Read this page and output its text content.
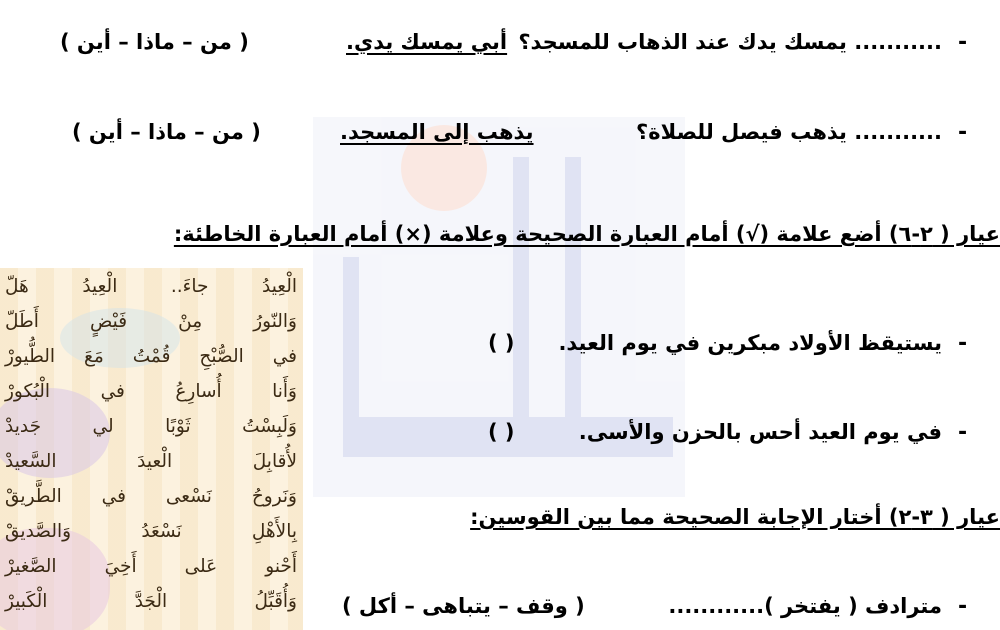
-
........... يمسك يدك عند الذهاب للمسجد؟
أبي يمسك يدي.
( من – ماذا – أين )
-
........... يذهب فيصل للصلاة؟
يذهب إلى المسجد.
( من – ماذا – أين )
عيار ( ٢-٦) أضع علامة (√) أمام العبارة الصحيحة وعلامة (×) أمام العبارة الخاطئة:
-
يستيقظ الأولاد مبكرين في يوم العيد.
( )
-
في يوم العيد أحس بالحزن والأسى.
( )
عيار ( ٣-٢) أختار الإجابة الصحيحة مما بين القوسين:
-
مترادف ( يفتخر )............
( وقف – يتباهى – أكل )
الْعِيدُ جاءَ.. الْعِيدُ هَلّ
وَالنّورُ مِنْ فَيْضٍ أَطَلّ
في الصُّبْحِ قُمْتُ مَعَ الطُّيورْ
وَأَنا أُسارِعُ في الْبُكورْ
وَلَبِسْتُ ثَوْبًا لي جَديدْ
لأُقابِلَ الْعيدَ السَّعيدْ
وَنَروحُ نَسْعى في الطَّريقْ
بِالأَهْلِ نَسْعَدُ وَالصَّديقْ
أَحْنو عَلى أَخِيَ الصَّغيرْ
وَأُقَبِّلُ الْجَدَّ الْكَبيرْ
